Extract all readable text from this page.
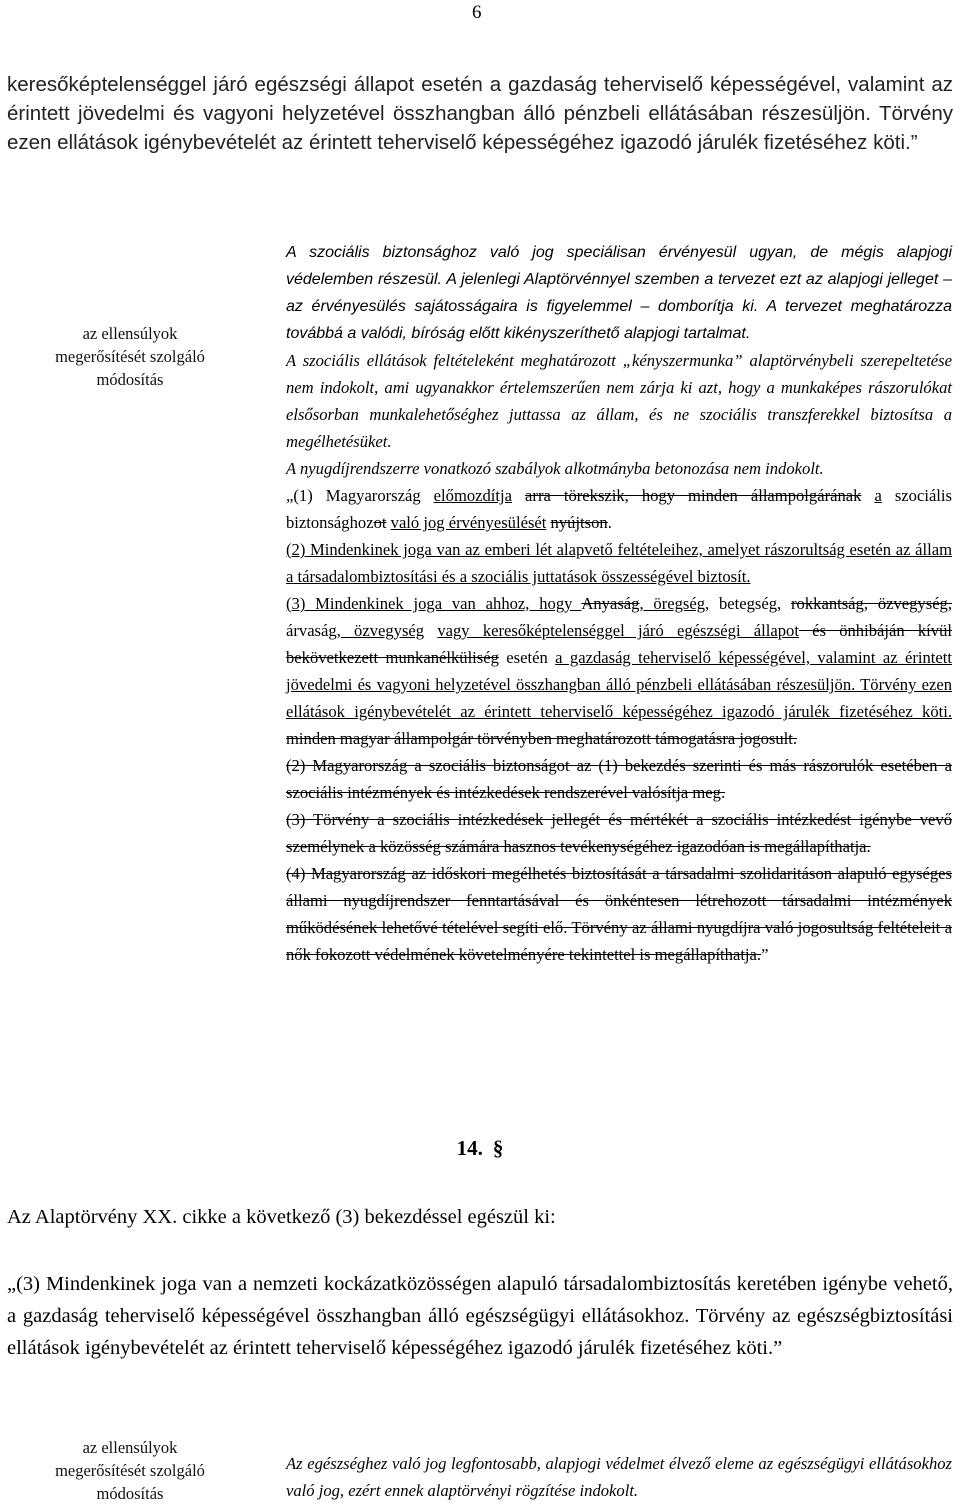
6

keresőképtelenséggel járó egészségi állapot esetén a gazdaság teherviselő képességével, valamint az érintett jövedelmi és vagyoni helyzetével összhangban álló pénzbeli ellátásában részesüljön. Törvény ezen ellátások igénybevételét az érintett teherviselő képességéhez igazodó járulék fizetéséhez köti.”

az ellensúlyok
megerősítését szolgáló
módosítás

A szociális biztonsághoz való jog speciálisan érvényesül ugyan, de mégis alapjogi védelemben részesül. A jelenlegi Alaptörvénnyel szemben a tervezet ezt az alapjogi jelleget – az érvényesülés sajátosságaira is figyelemmel – domborítja ki. A tervezet meghatározza továbbá a valódi, bíróság előtt kikényszeríthető alapjogi tartalmat.

A szociális ellátások feltételeként meghatározott „kényszermunka” alaptörvénybeli szerepeltetése nem indokolt, ami ugyanakkor értelemszerűen nem zárja ki azt, hogy a munkaképes rászorulókat elsősorban munkalehetőséghez juttassa az állam, és ne szociális transzferekkel biztosítsa a megélhetésüket.

A nyugdíjrendszerre vonatkozó szabályok alkotmányba betonozása nem indokolt.

„(1) Magyarország előmozdítja arra törekszik, hogy minden állampolgárának a szociális biztonsághozot való jog érvényesülését nyújtson.

(2) Mindenkinek joga van az emberi lét alapvető feltételeihez, amelyet rászorultság esetén az állam a társadalombiztosítási és a szociális juttatások összességével biztosít.

(3) Mindenkinek joga van ahhoz, hogy Anyaság, öregség, betegség, rokkantság, özvegység, árvaság, özvegység vagy keresőképtelenséggel járó egészségi állapot és önhibáján kívül bekövetkezett munkanélküliség esetén a gazdaság teherviselő képességével, valamint az érintett jövedelmi és vagyoni helyzetével összhangban álló pénzbeli ellátásában részesüljön. Törvény ezen ellátások igénybevételét az érintett teherviselő képességéhez igazodó járulék fizetéséhez köti. minden magyar állampolgár törvényben meghatározott támogatásra jogosult.

(2) Magyarország a szociális biztonságot az (1) bekezdés szerinti és más rászorulók esetében a szociális intézmények és intézkedések rendszerével valósítja meg.

(3) Törvény a szociális intézkedések jellegét és mértékét a szociális intézkedést igénybe vevő személynek a közösség számára hasznos tevékenységéhez igazodóan is megállapíthatja.

(4) Magyarország az időskori megélhetés biztosítását a társadalmi szolidaritáson alapuló egységes állami nyugdíjrendszer fenntartásával és önkéntesen létrehozott társadalmi intézmények működésének lehetővé tételével segíti elő. Törvény az állami nyugdíjra való jogosultság feltételeit a nők fokozott védelmének követelményére tekintettel is megállapíthatja.”

14. §

Az Alaptörvény XX. cikke a következő (3) bekezdéssel egészül ki:

„(3) Mindenkinek joga van a nemzeti kockázatközösségen alapuló társadalombiztosítás keretében igénybe vehető, a gazdaság teherviselő képességével összhangban álló egészségügyi ellátásokhoz. Törvény az egészségbiztosítási ellátások igénybevételét az érintett teherviselő képességéhez igazodó járulék fizetéséhez köti.”

az ellensúlyok
megerősítését szolgáló
módosítás

Az egészséghez való jog legfontosabb, alapjogi védelmet élvező eleme az egészségügyi ellátásokhoz való jog, ezért ennek alaptörvényi rögzítése indokolt.
